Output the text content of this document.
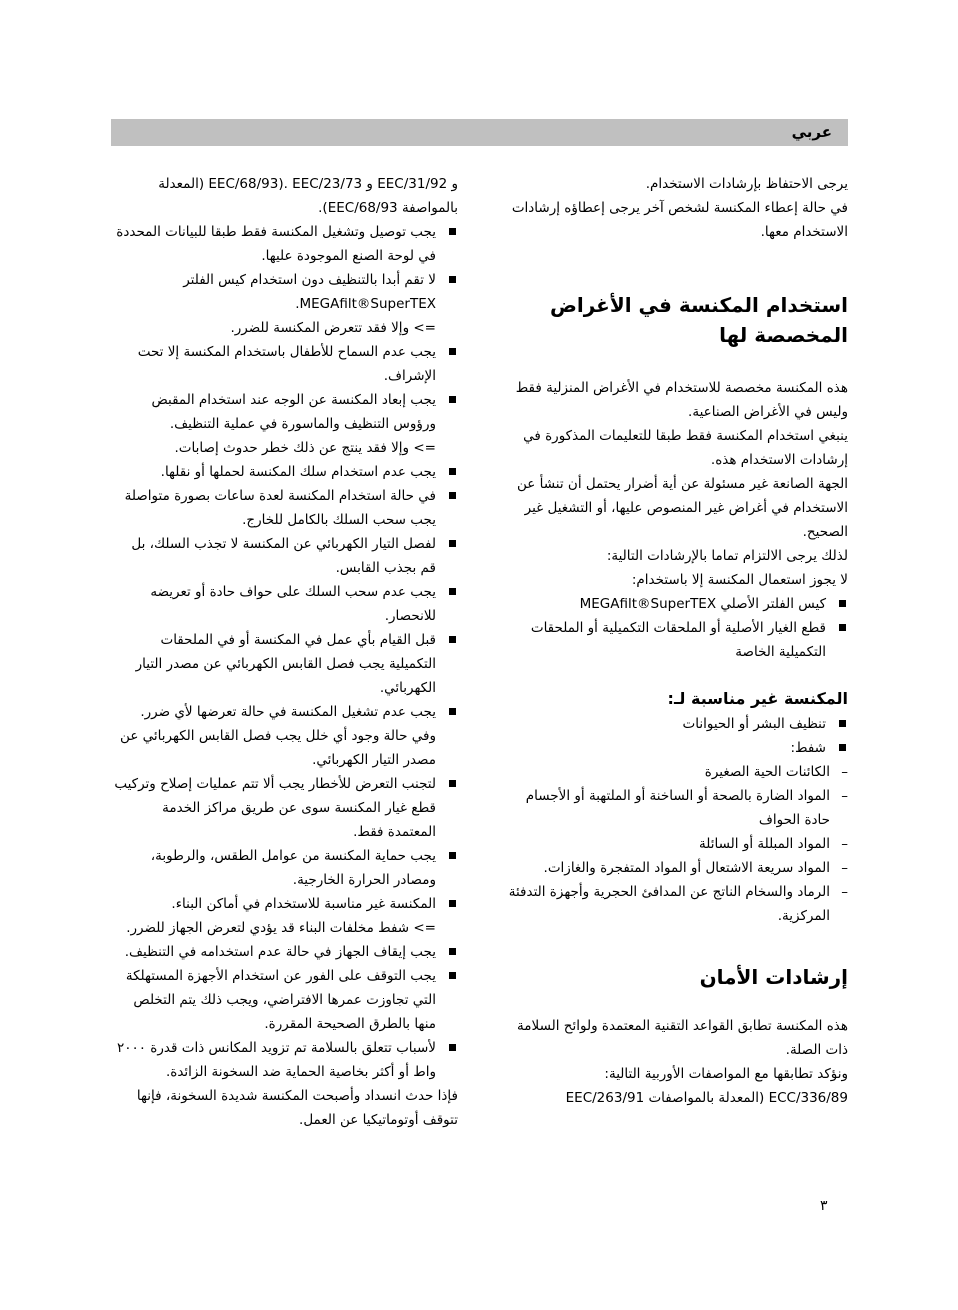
عربي

يرجى الاحتفاظ بإرشادات الاستخدام.

في حالة إعطاء المكنسة لشخص آخر يرجى إعطاؤه إرشادات الاستخدام معها.

استخدام المكنسة في الأغراض المخصصة لها

هذه المكنسة مخصصة للاستخدام في الأغراض المنزلية فقط وليس في الأغراض الصناعية.

ينبغي استخدام المكنسة فقط طبقا للتعليمات المذكورة في إرشادات الاستخدام هذه.

الجهة الصانعة غير مسئولة عن أية أضرار يحتمل أن تنشأ عن الاستخدام في أغراض غير المنصوص عليها، أو التشغيل غير الصحيح.

لذلك يرجى الالتزام تماما بالإرشادات التالية:

لا يجوز استعمال المكنسة إلا باستخدام:

كيس الفلتر الأصلي MEGAfilt®SuperTEX
قطع الغيار الأصلية أو الملحقات التكميلية أو الملحقات التكميلية الخاصة
المكنسة غير مناسبة لـ:
تنظيف البشر أو الحيوانات
شفط:
– الكائنات الحية الصغيرة
– المواد الضارة بالصحة أو الساخنة أو الملتهبة أو الأجسام حادة الحواف
– المواد المبللة أو السائلة
– المواد سريعة الاشتعال أو المواد المتفجرة والغازات.
– الرماد والسخام الناتج عن المدافئ الحجرية وأجهزة التدفئة المركزية.
إرشادات الأمان

هذه المكنسة تطابق القواعد التقنية المعتمدة ولوائح السلامة ذات الصلة.

ونؤكد تطابقها مع المواصفات الأوربية التالية:

ECC/336/89 (المعدلة بالمواصفات EEC/263/91

و EEC/31/92 و EEC/68/93). EEC/23/73 (المعدلة بالمواصفة EEC/68/93).

يجب توصيل وتشغيل المكنسة فقط طبقا للبيانات المحددة في لوحة الصنع الموجودة عليها.
لا تقم أبدا بالتنظيف دون استخدام كيس الفلتر MEGAfilt®SuperTEX.
=> وإلا فقد تتعرض المكنسة للضرر.
يجب عدم السماح للأطفال باستخدام المكنسة إلا تحت الإشراف.
يجب إبعاد المكنسة عن الوجه عند استخدام المقبض ورؤوس التنظيف والماسورة في عملية التنظيف.
=> وإلا فقد ينتج عن ذلك خطر حدوث إصابات.
يجب عدم استخدام سلك المكنسة لحملها أو نقلها.
في حالة استخدام المكنسة لعدة ساعات بصورة متواصلة يجب سحب السلك بالكامل للخارج.
لفصل التيار الكهربائي عن المكنسة لا تجذب السلك، بل قم بجذب القابس.
يجب عدم سحب السلك على حواف حادة أو تعريضه للانحصار.
قبل القيام بأي عمل في المكنسة أو في الملحقات التكميلية يجب فصل القابس الكهربائي عن مصدر التيار الكهربائي.
يجب عدم تشغيل المكنسة في حالة تعرضها لأي ضرر. وفي حالة وجود أي خلل يجب فصل القابس الكهربائي عن مصدر التيار الكهربائي.
لتجنب التعرض للأخطار يجب ألا تتم عمليات إصلاح وتركيب قطع غيار المكنسة سوى عن طريق مراكز الخدمة المعتمدة فقط.
يجب حماية المكنسة من عوامل الطقس، والرطوبة، ومصادر الحرارة الخارجية.
المكنسة غير مناسبة للاستخدام في أماكن البناء.
=> شفط مخلفات البناء قد يؤدي لتعرض الجهاز للضرر.
يجب إيقاف الجهاز في حالة عدم استخدامه في التنظيف.
يجب التوقف على الفور عن استخدام الأجهزة المستهلكة التي تجاوزت عمرها الافتراضي، ويجب ذلك يتم التخلص منها بالطرق الصحيحة المقررة.
لأسباب تتعلق بالسلامة تم تزويد المكانس ذات قدرة ٢٠٠٠ واط أو أكثر بخاصية الحماية ضد السخونة الزائدة.

فإذا حدث انسداد وأصبحت المكنسة شديدة السخونة، فإنها تتوقف أوتوماتيكيا عن العمل.

٣
